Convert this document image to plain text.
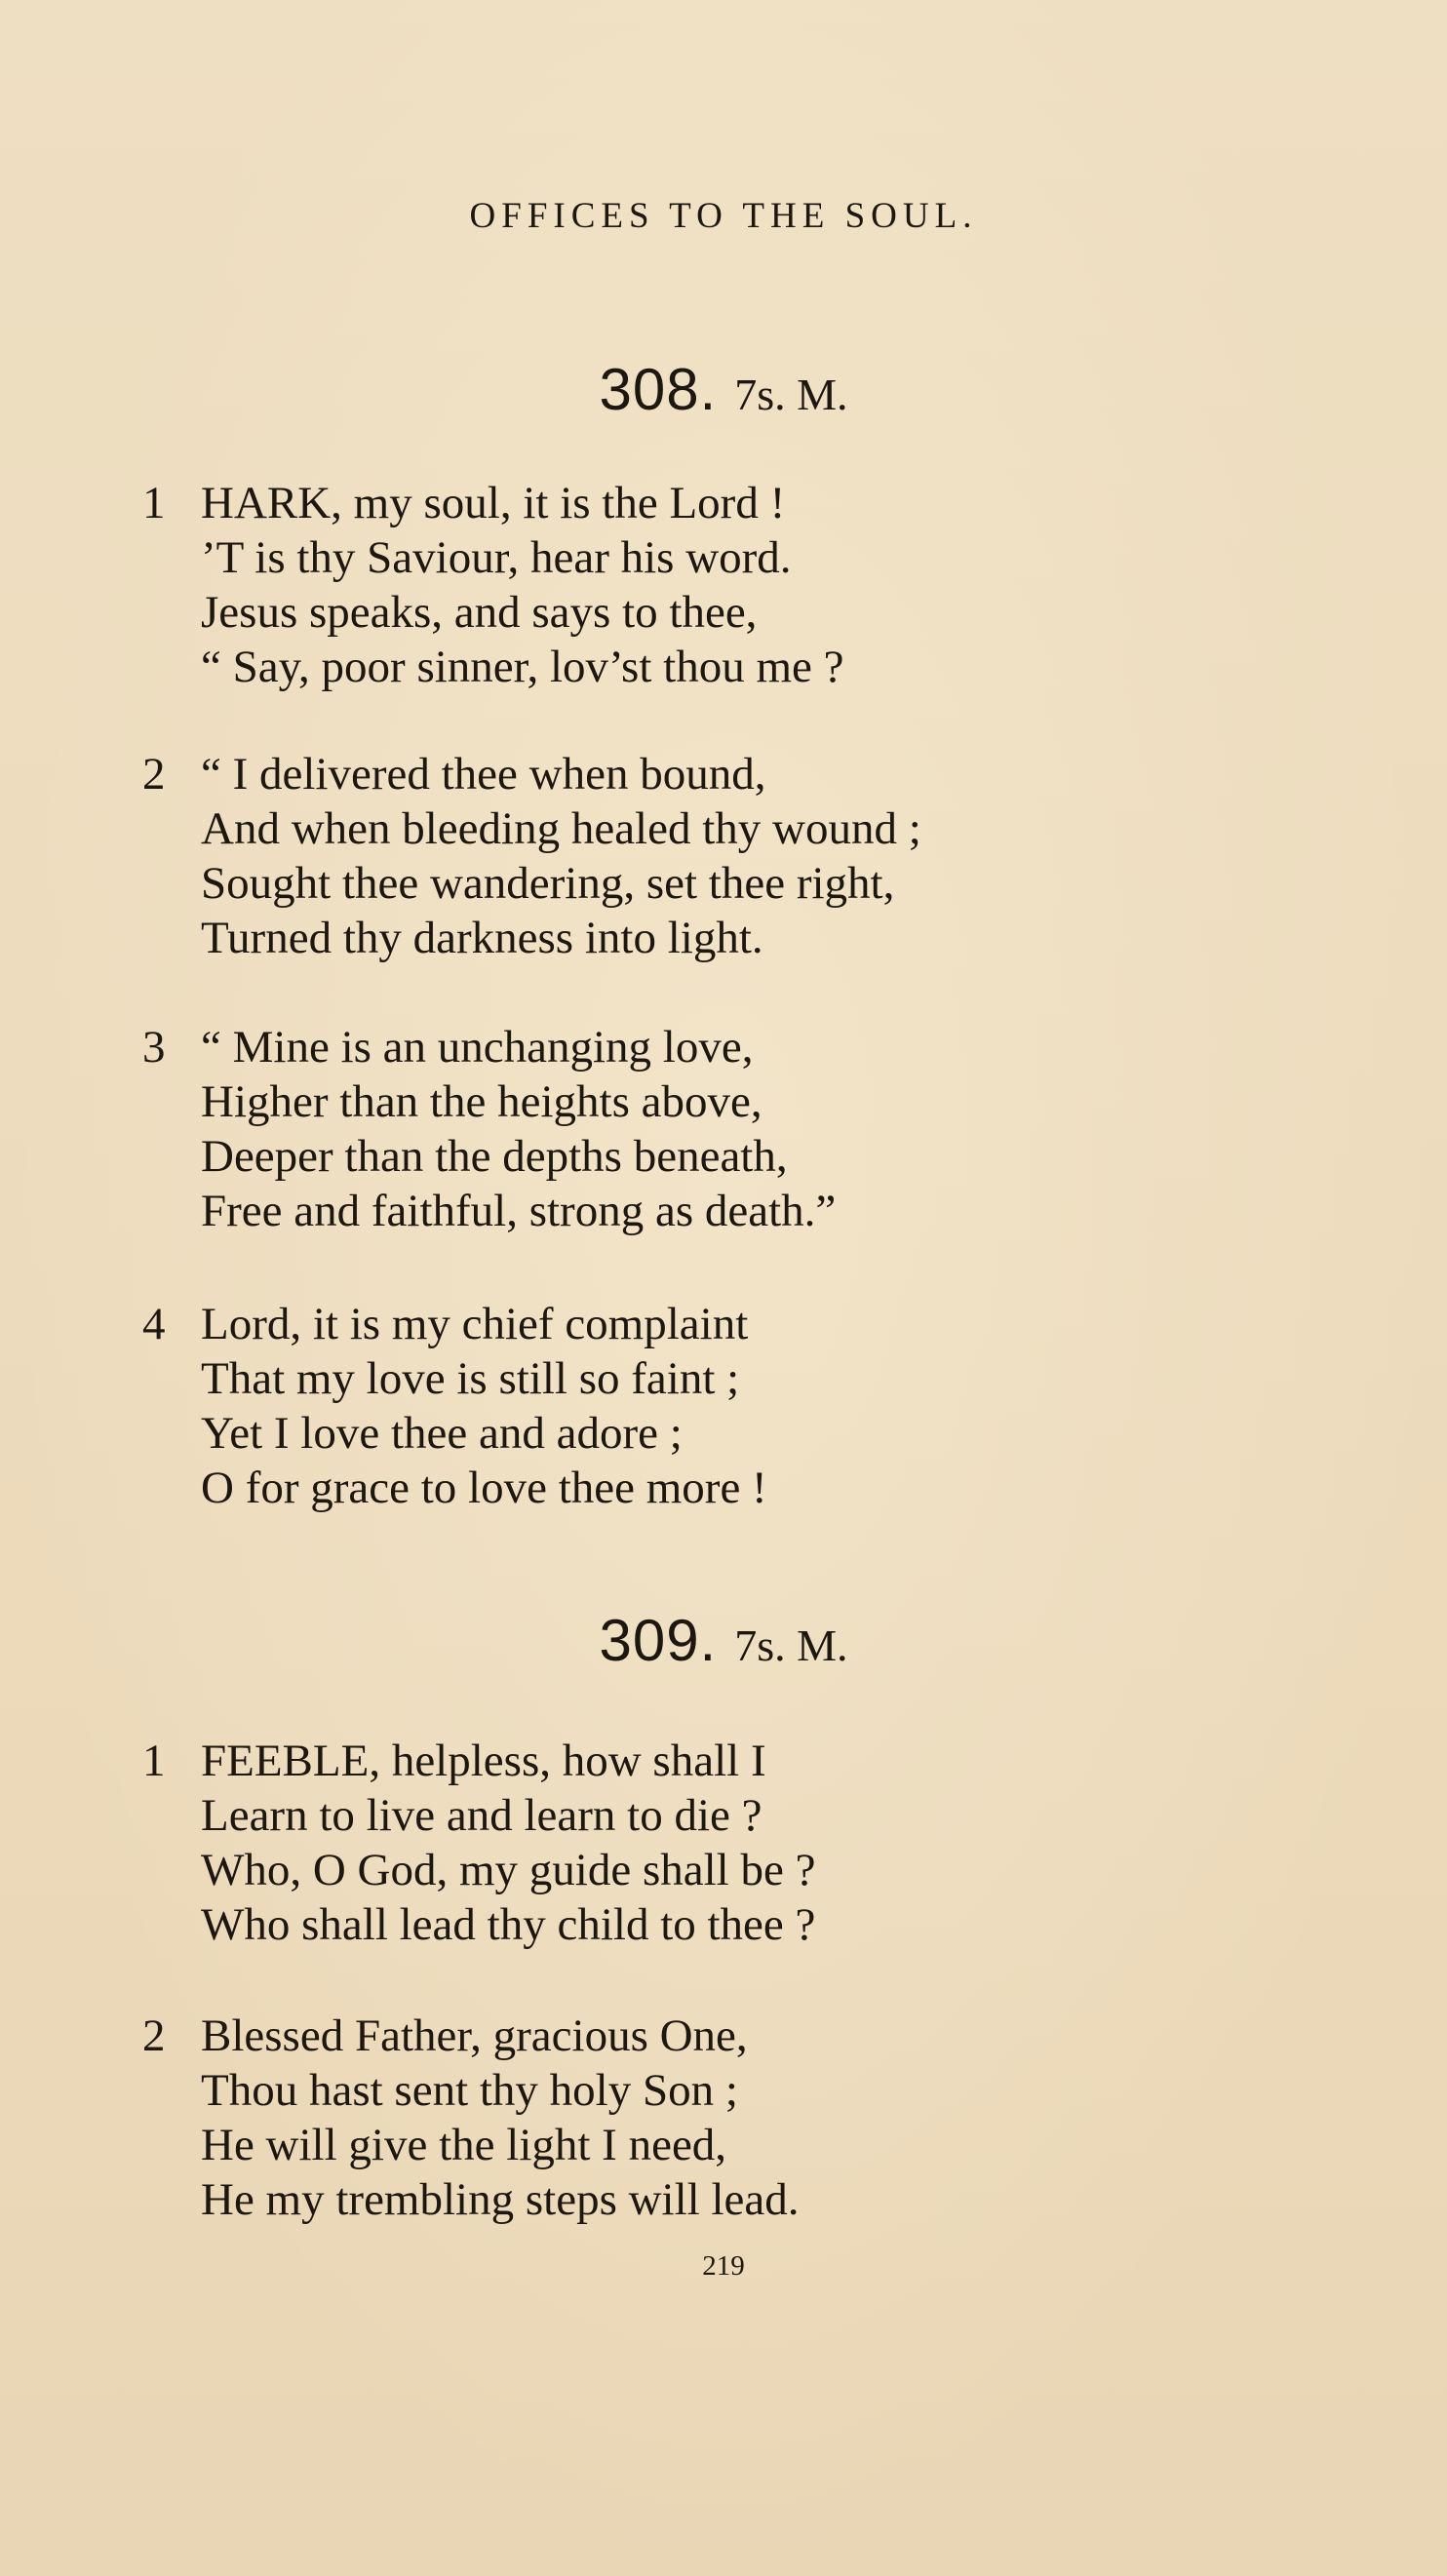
OFFICES TO THE SOUL.
308. 7s. M.
1 HARK, my soul, it is the Lord !
’T is thy Saviour, hear his word.
Jesus speaks, and says to thee,
“ Say, poor sinner, lov’st thou me ?
2 “ I delivered thee when bound,
And when bleeding healed thy wound ;
Sought thee wandering, set thee right,
Turned thy darkness into light.
3 “ Mine is an unchanging love,
Higher than the heights above,
Deeper than the depths beneath,
Free and faithful, strong as death.”
4 Lord, it is my chief complaint
That my love is still so faint ;
Yet I love thee and adore ;
O for grace to love thee more !
309. 7s. M.
1 FEEBLE, helpless, how shall I
Learn to live and learn to die ?
Who, O God, my guide shall be ?
Who shall lead thy child to thee ?
2 Blessed Father, gracious One,
Thou hast sent thy holy Son ;
He will give the light I need,
He my trembling steps will lead.
219
